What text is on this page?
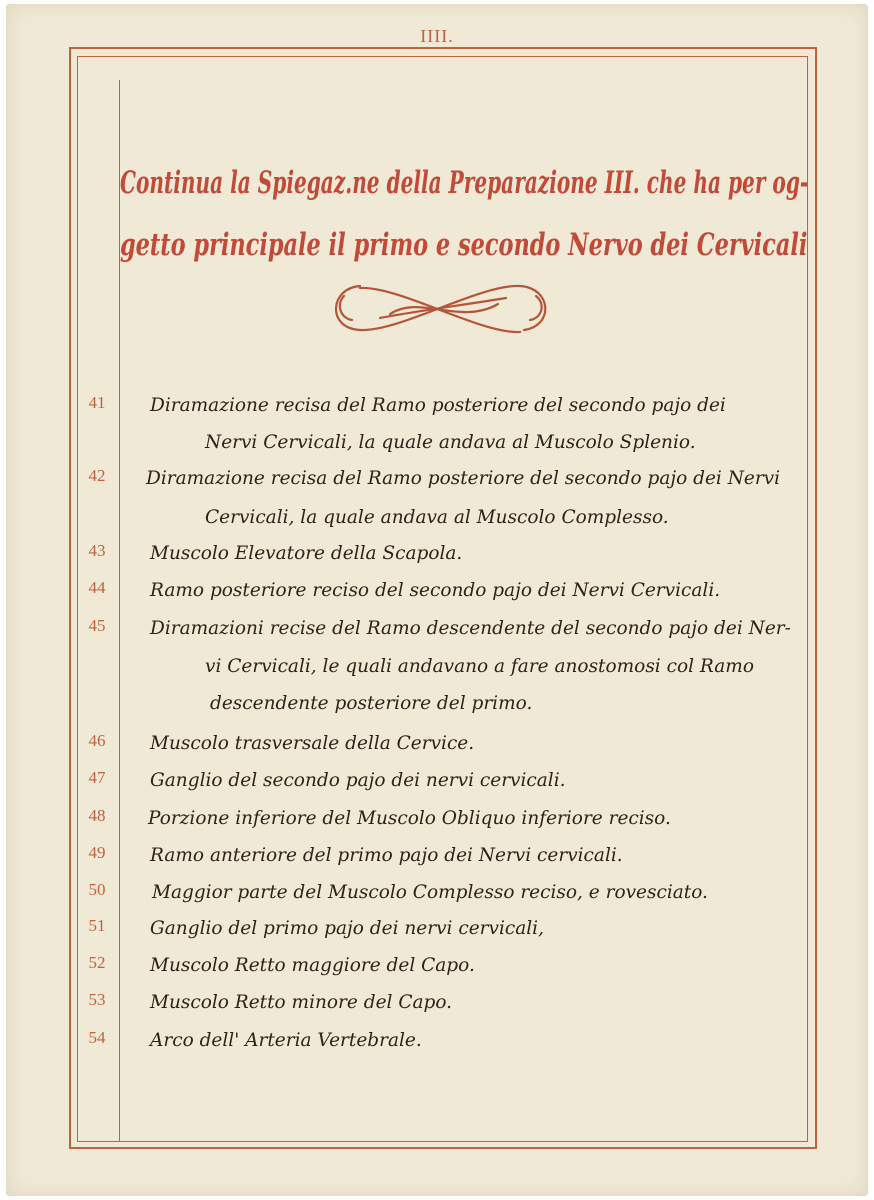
IIII.
Continua la Spiegaz.ne della Preparazione III. che ha per og-
getto principale il primo e secondo Nervo dei Cervicali
41	Diramazione recisa del Ramo posteriore del secondo pajo dei
Nervi Cervicali, la quale andava al Muscolo Splenio.
42	Diramazione recisa del Ramo posteriore del secondo pajo dei Nervi
Cervicali, la quale andava al Muscolo Complesso.
43	Muscolo Elevatore della Scapola.
44	Ramo posteriore reciso del secondo pajo dei Nervi Cervicali.
45	Diramazioni recise del Ramo descendente del secondo pajo dei Ner-
vi Cervicali, le quali andavano a fare anostomosi col Ramo
descendente posteriore del primo.
46	Muscolo trasversale della Cervice.
47	Ganglio del secondo pajo dei nervi cervicali.
48	Porzione inferiore del Muscolo Obliquo inferiore reciso.
49	Ramo anteriore del primo pajo dei Nervi cervicali.
50	Maggior parte del Muscolo Complesso reciso, e rovesciato.
51	Ganglio del primo pajo dei nervi cervicali,
52	Muscolo Retto maggiore del Capo.
53	Muscolo Retto minore del Capo.
54	Arco dell' Arteria Vertebrale.
